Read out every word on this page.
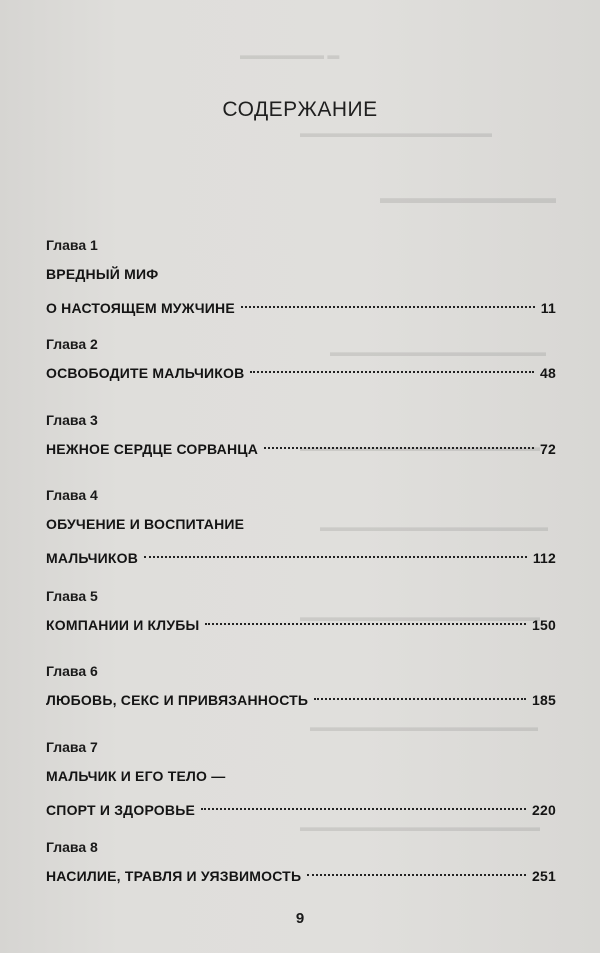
▬▬▬▬▬▬▬ ▬
▬▬▬▬▬▬▬▬▬▬▬▬▬▬▬▬
▬▬▬▬▬▬▬▬▬▬▬
▬▬▬▬▬▬▬▬▬▬▬▬▬▬▬▬▬▬
▬▬▬▬▬▬▬▬▬▬▬▬▬▬▬▬▬▬▬▬
▬▬▬▬▬▬▬▬▬▬▬▬▬▬▬▬▬▬▬
▬▬▬▬▬▬▬▬▬▬▬▬▬▬▬▬▬▬▬▬
▬▬▬▬▬▬▬▬▬▬▬▬▬▬▬▬▬▬▬
▬▬▬▬▬▬▬▬▬▬▬▬▬▬▬▬▬▬▬▬
СОДЕРЖАНИЕ
Глава 1
ВРЕДНЫЙ МИФ
О НАСТОЯЩЕМ МУЖЧИНЕ	11
Глава 2
ОСВОБОДИТЕ МАЛЬЧИКОВ	48
Глава 3
НЕЖНОЕ СЕРДЦЕ СОРВАНЦА	72
Глава 4
ОБУЧЕНИЕ И ВОСПИТАНИЕ
МАЛЬЧИКОВ	112
Глава 5
КОМПАНИИ И КЛУБЫ	150
Глава 6
ЛЮБОВЬ, СЕКС И ПРИВЯЗАННОСТЬ	185
Глава 7
МАЛЬЧИК И ЕГО ТЕЛО —
СПОРТ И ЗДОРОВЬЕ	220
Глава 8
НАСИЛИЕ, ТРАВЛЯ И УЯЗВИМОСТЬ	251
9
